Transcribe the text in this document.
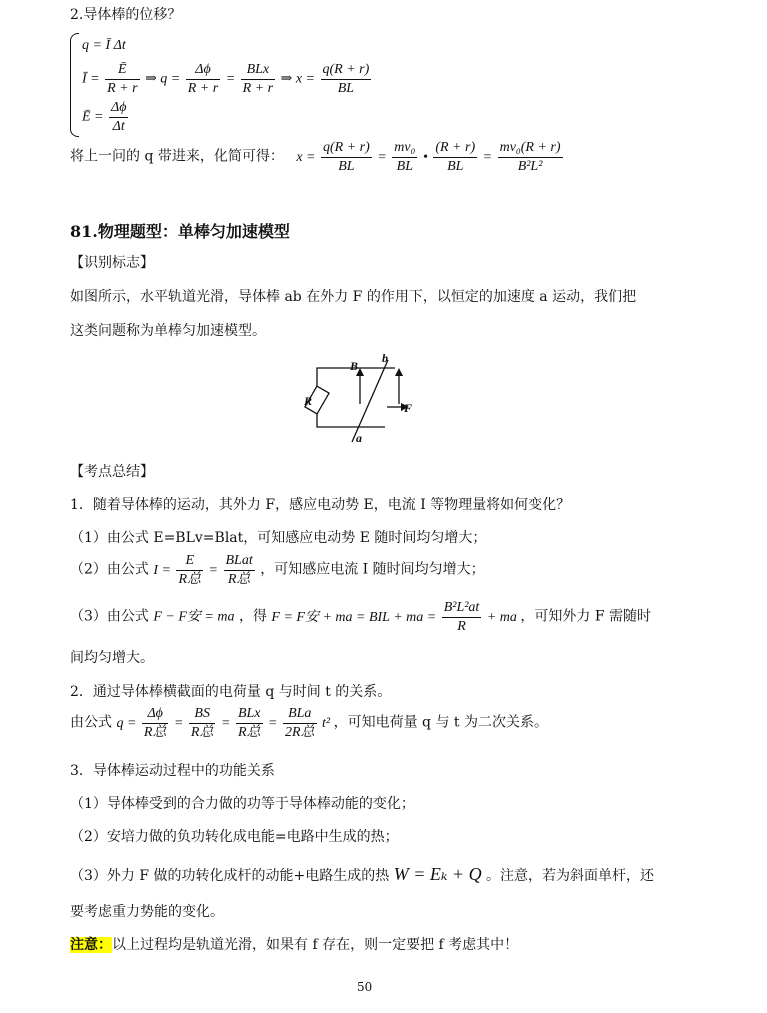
2.导体棒的位移？
q = Ī Δt
Ī = $\frac{Ē}{R + r}$ ⇒ $q = \frac{\Delta\phi}{R + r} = \frac{\text{BLx}}{R + r}$ ⇒ $x = \frac{q(R + r)}{BL}$
Ē = $\frac{\Delta\phi}{\Delta t}$
将上一问的 q 带进来，化简可得： $x = \frac{q(R + r)}{BL} = \frac{\text{mv₀}}{BL}$ • $\frac{(R + r)}{BL} = \frac{\text{mv₀(R + r)}}{\text{B²L²}}$
81.物理题型：单棒匀加速模型
【识别标志】
如图所示，水平轨道光滑，导体棒 ab 在外力 F 的作用下，以恒定的加速度 a 运动，我们把
这类问题称为单棒匀加速模型。
B
b
R	F
a
【考点总结】
1．随着导体棒的运动，其外力 F，感应电动势 E，电流 I 等物理量将如何变化？
（1）由公式 E=BLv=Blat，可知感应电动势 E 随时间均匀增大；
（2）由公式 $I = \frac{E}{\text{R总}} = \frac{\text{BLat}}{\text{R总}}$ ，可知感应电流 I 随时间均匀增大；
（3）由公式 F − F安 = ma ，得 F = F安 + ma = BIL + ma = $\frac{\text{B²L²at}}{R}$ + ma ，可知外力 F 需随时
间均匀增大。
2．通过导体棒横截面的电荷量 q 与时间 t 的关系。
由公式 $q = \frac{\Delta\phi}{\text{R总}} = \frac{BS}{\text{R总}} = \frac{\text{BLx}}{\text{R总}} = \frac{\text{BLa}}{\text{2R总}} t^2$ ，可知电荷量 q 与 t 为二次关系。
3．导体棒运动过程中的功能关系
（1）导体棒受到的合力做的功等于导体棒动能的变化；
（2）安培力做的负功转化成电能=电路中生成的热；
（3）外力 F 做的功转化成杆的动能+电路生成的热 W = Eₖ + Q 。注意，若为斜面单杆，还
要考虑重力势能的变化。
注意：以上过程均是轨道光滑，如果有 f 存在，则一定要把 f 考虑其中！
50
